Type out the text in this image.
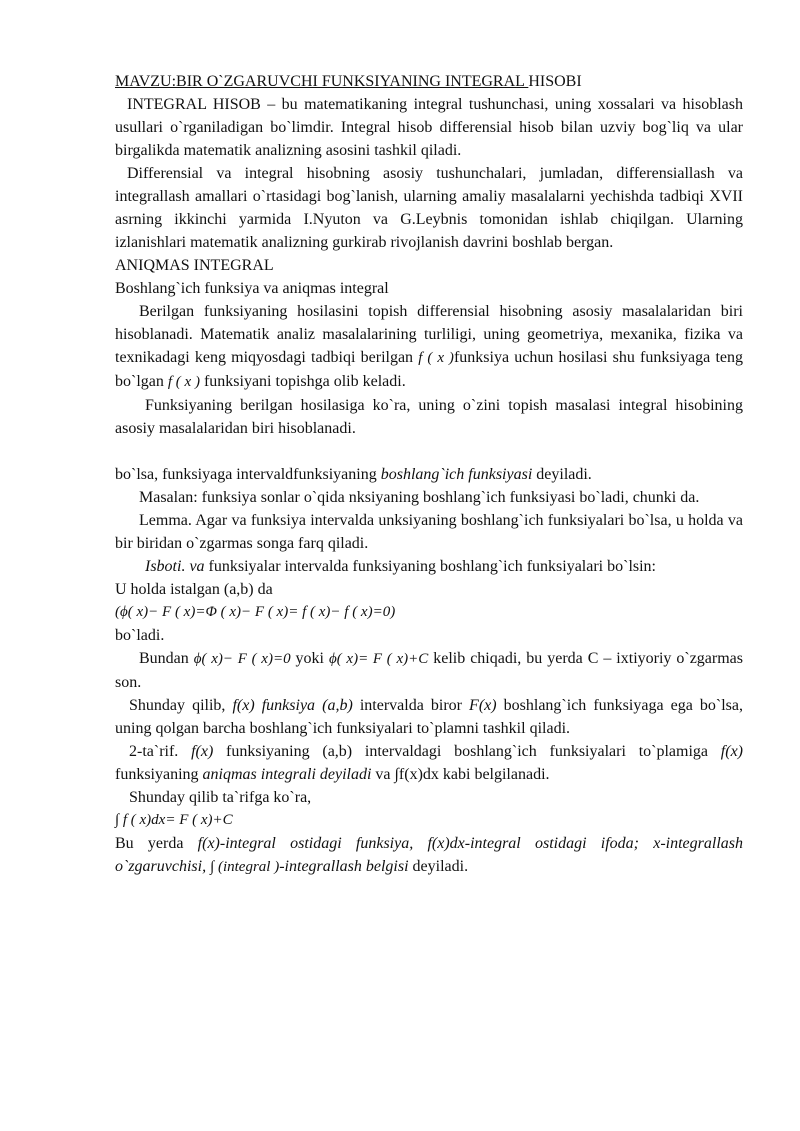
MAVZU:BIR O`ZGARUVCHI FUNKSIYANING INTEGRAL HISOBI

INTEGRAL HISOB – bu matematikaning integral tushunchasi, uning xossalari va hisoblash usullari o`rganiladigan bo`limdir. Integral hisob differensial hisob bilan uzviy bog`liq va ular birgalikda matematik analizning asosini tashkil qiladi.

Differensial va integral hisobning asosiy tushunchalari, jumladan, differensiallash va integrallash amallari o`rtasidagi bog`lanish, ularning amaliy masalalarni yechishda tadbiqi XVII asrning ikkinchi yarmida I.Nyuton va G.Leybnis tomonidan ishlab chiqilgan. Ularning izlanishlari matematik analizning gurkirab rivojlanish davrini boshlab bergan.

ANIQMAS INTEGRAL

Boshlang`ich funksiya va aniqmas integral

Berilgan funksiyaning hosilasini topish differensial hisobning asosiy masalalaridan biri hisoblanadi. Matematik analiz masalalarining turliligi, uning geometriya, mexanika, fizika va texnikadagi keng miqyosdagi tadbiqi berilgan f ( x )funksiya uchun hosilasi shu funksiyaga teng bo`lgan f ( x ) funksiyani topishga olib keladi.

Funksiyaning berilgan hosilasiga ko`ra, uning o`zini topish masalasi integral hisobining asosiy masalalaridan biri hisoblanadi.

bo`lsa, funksiyaga intervaldfunksiyaning boshlang`ich funksiyasi deyiladi.

Masalan: funksiya sonlar o`qida nksiyaning boshlang`ich funksiyasi bo`ladi, chunki da.

Lemma. Agar va funksiya intervalda unksiyaning boshlang`ich funksiyalari bo`lsa, u holda va bir biridan o`zgarmas songa farq qiladi.

Isboti. va funksiyalar intervalda funksiyaning boshlang`ich funksiyalari bo`lsin:

U holda istalgan (a,b) da

(ϕ( x)− F ( x)=Φ ( x)− F ( x)= f ( x)− f ( x)=0)

bo`ladi.

Bundan ϕ( x)− F ( x)=0 yoki ϕ( x)= F ( x)+C kelib chiqadi, bu yerda C – ixtiyoriy o`zgarmas son.

Shunday qilib, f(x) funksiya (a,b) intervalda biror F(x) boshlang`ich funksiyaga ega bo`lsa, uning qolgan barcha boshlang`ich funksiyalari to`plamni tashkil qiladi.

2-ta`rif. f(x) funksiyaning (a,b) intervaldagi boshlang`ich funksiyalari to`plamiga f(x) funksiyaning aniqmas integrali deyiladi va ∫f(x)dx kabi belgilanadi.

Shunday qilib ta`rifga ko`ra,

∫ f ( x)dx= F ( x)+C

Bu yerda f(x)-integral ostidagi funksiya, f(x)dx-integral ostidagi ifoda; x-integrallash o`zgaruvchisi, ∫ (integral )-integrallash belgisi deyiladi.
